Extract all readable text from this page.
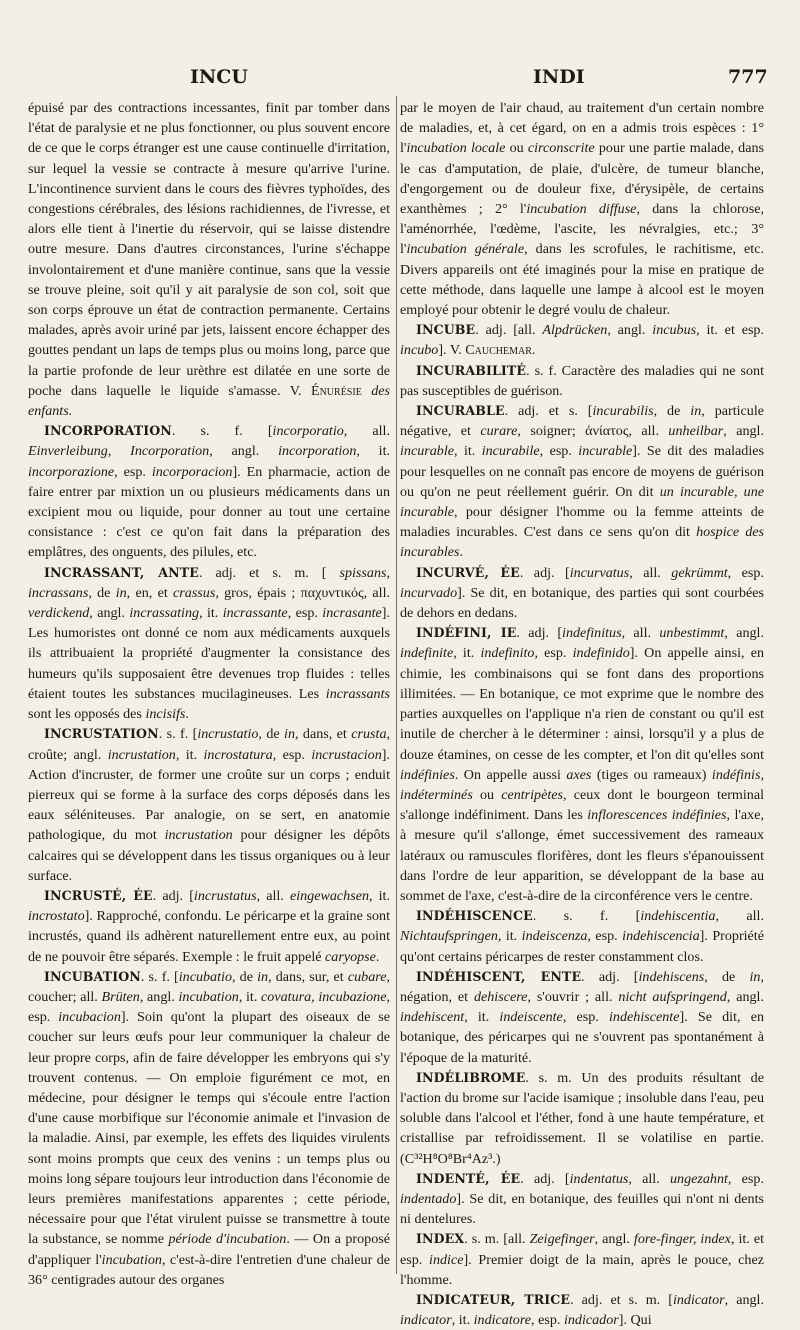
INCU	INDI	777

épuisé par des contractions incessantes, finit par tomber dans l'état de paralysie et ne plus fonctionner, ou plus souvent encore de ce que le corps étranger est une cause continuelle d'irritation, sur lequel la vessie se contracte à mesure qu'arrive l'urine. L'incontinence survient dans le cours des fièvres typhoïdes, des congestions cérébrales, des lésions rachidiennes, de l'ivresse, et alors elle tient à l'inertie du réservoir, qui se laisse distendre outre mesure. Dans d'autres circonstances, l'urine s'échappe involontairement et d'une manière continue, sans que la vessie se trouve pleine, soit qu'il y ait paralysie de son col, soit que son corps éprouve un état de contraction permanente. Certains malades, après avoir uriné par jets, laissent encore échapper des gouttes pendant un laps de temps plus ou moins long, parce que la partie profonde de leur urèthre est dilatée en une sorte de poche dans laquelle le liquide s'amasse. V. Énurésie des enfants.

INCORPORATION. s. f. [incorporatio, all. Einverleibung, Incorporation, angl. incorporation, it. incorporazione, esp. incorporacion]. En pharmacie, action de faire entrer par mixtion un ou plusieurs médicaments dans un excipient mou ou liquide, pour donner au tout une certaine consistance : c'est ce qu'on fait dans la préparation des emplâtres, des onguents, des pilules, etc.

INCRASSANT, ANTE. adj. et s. m. [ spissans, incrassans, de in, en, et crassus, gros, épais ; παχυντικός, all. verdickend, angl. incrassating, it. incrassante, esp. incrasante]. Les humoristes ont donné ce nom aux médicaments auxquels ils attribuaient la propriété d'augmenter la consistance des humeurs qu'ils supposaient être devenues trop fluides : telles étaient toutes les substances mucilagineuses. Les incrassants sont les opposés des incisifs.

INCRUSTATION. s. f. [incrustatio, de in, dans, et crusta, croûte; angl. incrustation, it. incrostatura, esp. incrustacion]. Action d'incruster, de former une croûte sur un corps ; enduit pierreux qui se forme à la surface des corps déposés dans les eaux séléniteuses. Par analogie, on se sert, en anatomie pathologique, du mot incrustation pour désigner les dépôts calcaires qui se développent dans les tissus organiques ou à leur surface.

INCRUSTÉ, ÉE. adj. [incrustatus, all. eingewachsen, it. incrostato]. Rapproché, confondu. Le péricarpe et la graine sont incrustés, quand ils adhèrent naturellement entre eux, au point de ne pouvoir être séparés. Exemple : le fruit appelé caryopse.

INCUBATION. s. f. [incubatio, de in, dans, sur, et cubare, coucher; all. Brüten, angl. incubation, it. covatura, incubazione, esp. incubacion]. Soin qu'ont la plupart des oiseaux de se coucher sur leurs œufs pour leur communiquer la chaleur de leur propre corps, afin de faire développer les embryons qui s'y trouvent contenus. — On emploie figurément ce mot, en médecine, pour désigner le temps qui s'écoule entre l'action d'une cause morbifique sur l'économie animale et l'invasion de la maladie. Ainsi, par exemple, les effets des liquides virulents sont moins prompts que ceux des venins : un temps plus ou moins long sépare toujours leur introduction dans l'économie de leurs premières manifestations apparentes ; cette période, nécessaire pour que l'état virulent puisse se transmettre à toute la substance, se nomme période d'incubation. — On a proposé d'appliquer l'incubation, c'est-à-dire l'entretien d'une chaleur de 36° centigrades autour des organes

par le moyen de l'air chaud, au traitement d'un certain nombre de maladies, et, à cet égard, on en a admis trois espèces : 1° l'incubation locale ou circonscrite pour une partie malade, dans le cas d'amputation, de plaie, d'ulcère, de tumeur blanche, d'engorgement ou de douleur fixe, d'érysipèle, de certains exanthèmes ; 2° l'incubation diffuse, dans la chlorose, l'aménorrhée, l'œdème, l'ascite, les névralgies, etc.; 3° l'incubation générale, dans les scrofules, le rachitisme, etc. Divers appareils ont été imaginés pour la mise en pratique de cette méthode, dans laquelle une lampe à alcool est le moyen employé pour obtenir le degré voulu de chaleur.

INCUBE. adj. [all. Alpdrücken, angl. incubus, it. et esp. incubo]. V. Cauchemar.

INCURABILITÉ. s. f. Caractère des maladies qui ne sont pas susceptibles de guérison.

INCURABLE. adj. et s. [incurabilis, de in, particule négative, et curare, soigner; ἀνίατος, all. unheilbar, angl. incurable, it. incurabile, esp. incurable]. Se dit des maladies pour lesquelles on ne connaît pas encore de moyens de guérison ou qu'on ne peut réellement guérir. On dit un incurable, une incurable, pour désigner l'homme ou la femme atteints de maladies incurables. C'est dans ce sens qu'on dit hospice des incurables.

INCURVÉ, ÉE. adj. [incurvatus, all. gekrümmt, esp. incurvado]. Se dit, en botanique, des parties qui sont courbées de dehors en dedans.

INDÉFINI, IE. adj. [indefinitus, all. unbestimmt, angl. indefinite, it. indefinito, esp. indefinido]. On appelle ainsi, en chimie, les combinaisons qui se font dans des proportions illimitées. — En botanique, ce mot exprime que le nombre des parties auxquelles on l'applique n'a rien de constant ou qu'il est inutile de chercher à le déterminer : ainsi, lorsqu'il y a plus de douze étamines, on cesse de les compter, et l'on dit qu'elles sont indéfinies. On appelle aussi axes (tiges ou rameaux) indéfinis, indéterminés ou centripètes, ceux dont le bourgeon terminal s'allonge indéfiniment. Dans les inflorescences indéfinies, l'axe, à mesure qu'il s'allonge, émet successivement des rameaux latéraux ou ramuscules florifères, dont les fleurs s'épanouissent dans l'ordre de leur apparition, se développant de la base au sommet de l'axe, c'est-à-dire de la circonférence vers le centre.

INDÉHISCENCE. s. f. [indehiscentia, all. Nichtaufspringen, it. indeiscenza, esp. indehiscencia]. Propriété qu'ont certains péricarpes de rester constamment clos.

INDÉHISCENT, ENTE. adj. [indehiscens, de in, négation, et dehiscere, s'ouvrir ; all. nicht aufspringend, angl. indehiscent, it. indeiscente, esp. indehiscente]. Se dit, en botanique, des péricarpes qui ne s'ouvrent pas spontanément à l'époque de la maturité.

INDÉLIBROME. s. m. Un des produits résultant de l'action du brome sur l'acide isamique ; insoluble dans l'eau, peu soluble dans l'alcool et l'éther, fond à une haute température, et cristallise par refroidissement. Il se volatilise en partie. (C³²H⁸O⁸Br⁴Az³.)

INDENTÉ, ÉE. adj. [indentatus, all. ungezahnt, esp. indentado]. Se dit, en botanique, des feuilles qui n'ont ni dents ni dentelures.

INDEX. s. m. [all. Zeigefinger, angl. fore-finger, index, it. et esp. indice]. Premier doigt de la main, après le pouce, chez l'homme.

INDICATEUR, TRICE. adj. et s. m. [indicator, angl. indicator, it. indicatore, esp. indicador]. Qui
